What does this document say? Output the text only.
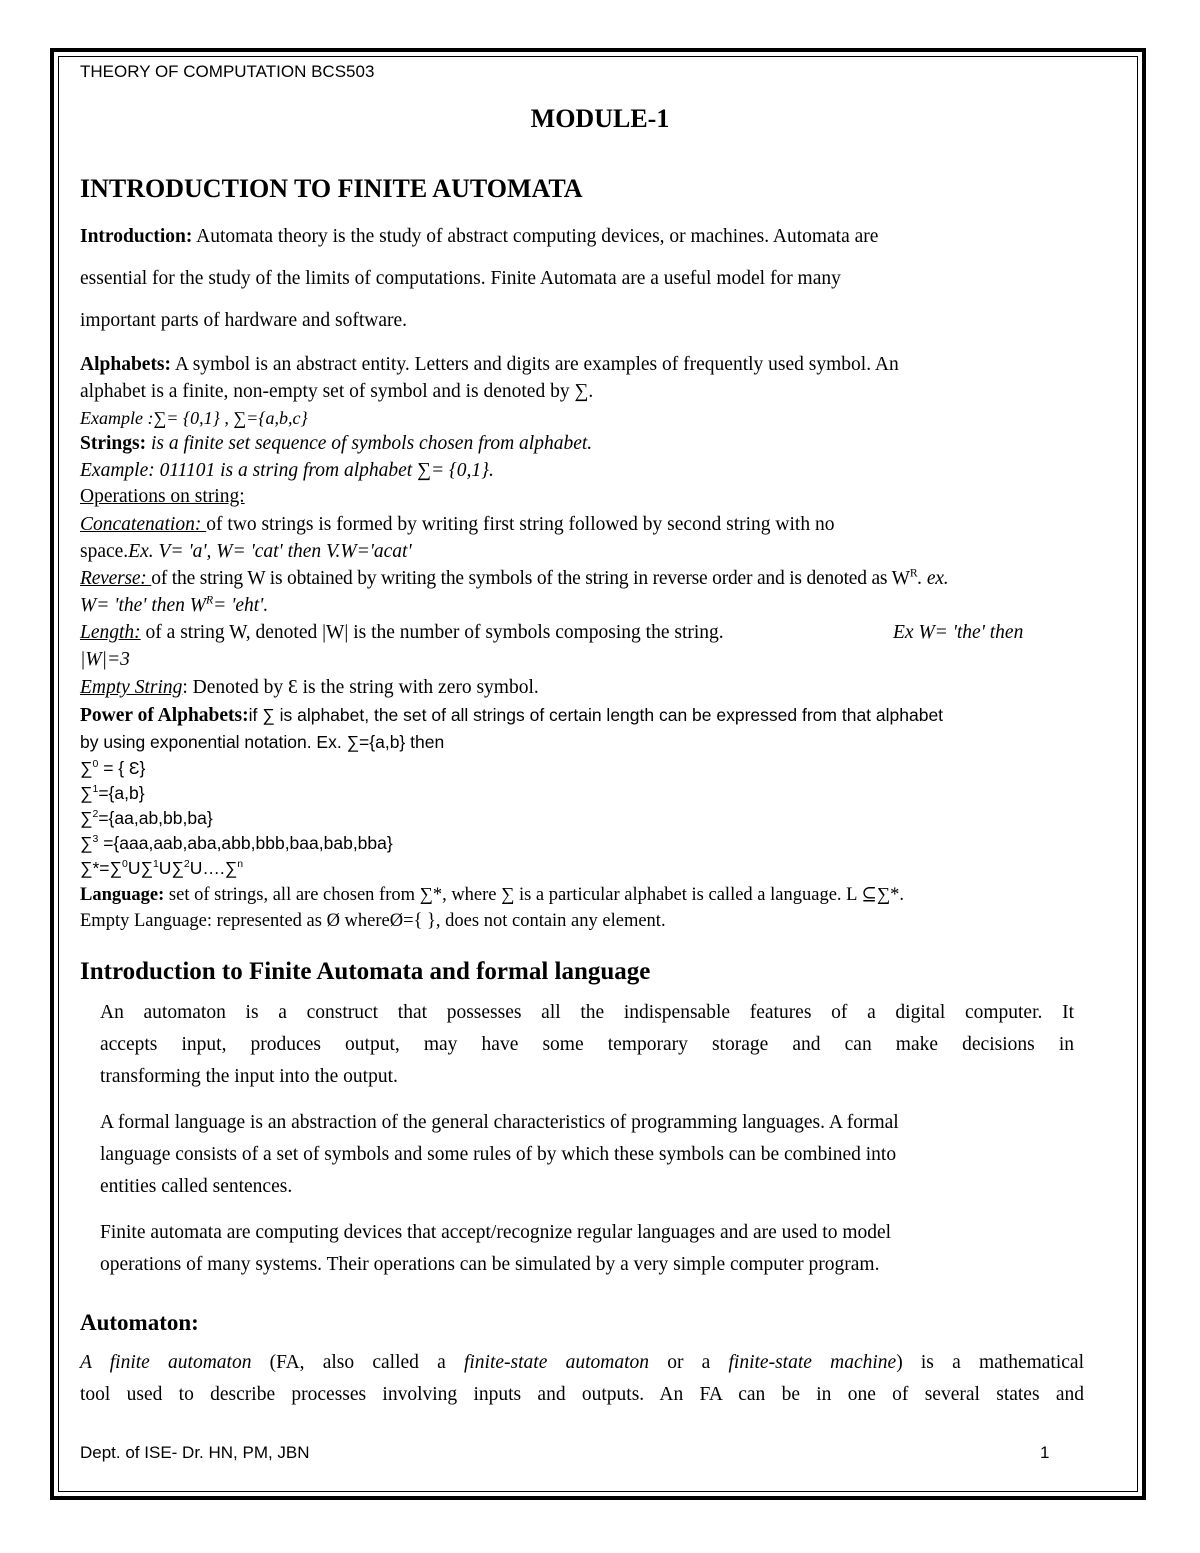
THEORY OF COMPUTATION BCS503
MODULE-1
INTRODUCTION TO FINITE AUTOMATA
Introduction: Automata theory is the study of abstract computing devices, or machines. Automata are
essential for the study of the limits of computations. Finite Automata are a useful model for many
important parts of hardware and software.
Alphabets: A symbol is an abstract entity. Letters and digits are examples of frequently used symbol. An
alphabet is a finite, non-empty set of symbol and is denoted by ∑.
Example :∑= {0,1} , ∑={a,b,c}
Strings: is a finite set sequence of symbols chosen from alphabet.
Example: 011101 is a string from alphabet ∑= {0,1}.
Operations on string:
Concatenation: of two strings is formed by writing first string followed by second string with no
space.Ex. V= 'a', W= 'cat' then V.W='acat'
Reverse: of the string W is obtained by writing the symbols of the string in reverse order and is denoted as $W^R$. ex.
W= 'the' then $W^R=$ 'eht'.
Length: of a string W, denoted |W| is the number of symbols composing the string.	Ex W= 'the' then
|W|=3
Empty String: Denoted by Ɛ is the string with zero symbol.
Power of Alphabets:if ∑ is alphabet, the set of all strings of certain length can be expressed from that alphabet
by using exponential notation. Ex. ∑={a,b} then
∑$^0$ = { Ɛ}
∑$^1$={a,b}
∑$^2$={aa,ab,bb,ba}
∑$^3$ ={aaa,aab,aba,abb,bbb,baa,bab,bba}
∑*=∑$^0$U∑$^1$U∑$^2$U….∑$^n$
Language: set of strings, all are chosen from ∑*, where ∑ is a particular alphabet is called a language. L ⊆∑*.
Empty Language: represented as Ø whereØ={ }, does not contain any element.
Introduction to Finite Automata and formal language
An automaton is a construct that possesses all the indispensable features of a digital computer. It
accepts input, produces output, may have some temporary storage and can make decisions in
transforming the input into the output.
A formal language is an abstraction of the general characteristics of programming languages. A formal
language consists of a set of symbols and some rules of by which these symbols can be combined into
entities called sentences.
Finite automata are computing devices that accept/recognize regular languages and are used to model
operations of many systems. Their operations can be simulated by a very simple computer program.
Automaton:
A finite automaton (FA, also called a finite-state automaton or a finite-state machine) is a mathematical
tool used to describe processes involving inputs and outputs. An FA can be in one of several states and
Dept. of ISE- Dr. HN, PM, JBN	1
